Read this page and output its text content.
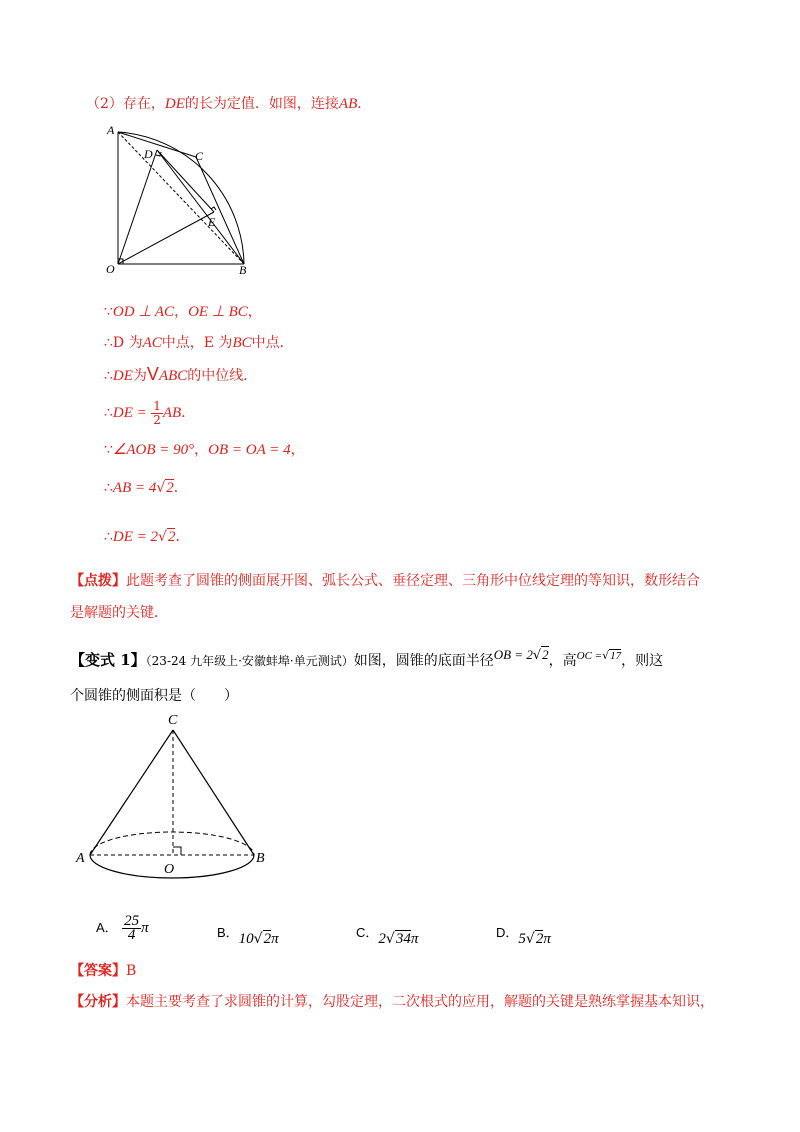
（2）存在，DE的长为定值．如图，连接AB．
A
D	C
E
O	B
∵OD ⊥ AC，OE ⊥ BC，
∴D 为AC中点，E 为BC中点．
∴DE为VABC的中位线．
∴DE = $\frac{1}{2}$ AB．
∵∠AOB = 90°，OB = OA = 4，
∴AB = 4√2．
∴DE = 2√2．
【点拨】此题考查了圆锥的侧面展开图、弧长公式、垂径定理、三角形中位线定理的等知识，数形结合
是解题的关键．
【变式 1】（23-24 九年级上·安徽蚌埠·单元测试）如图，圆锥的底面半径OB = 2√2，高$^{OC =√17}$，则这
个圆锥的侧面积是（　　）
C
A	B
O
A． $\frac{25}{4}$ π	B．10√2π	C．2√34π	D．5√2π
【答案】B
【分析】本题主要考查了求圆锥的计算，勾股定理，二次根式的应用，解题的关键是熟练掌握基本知识，
